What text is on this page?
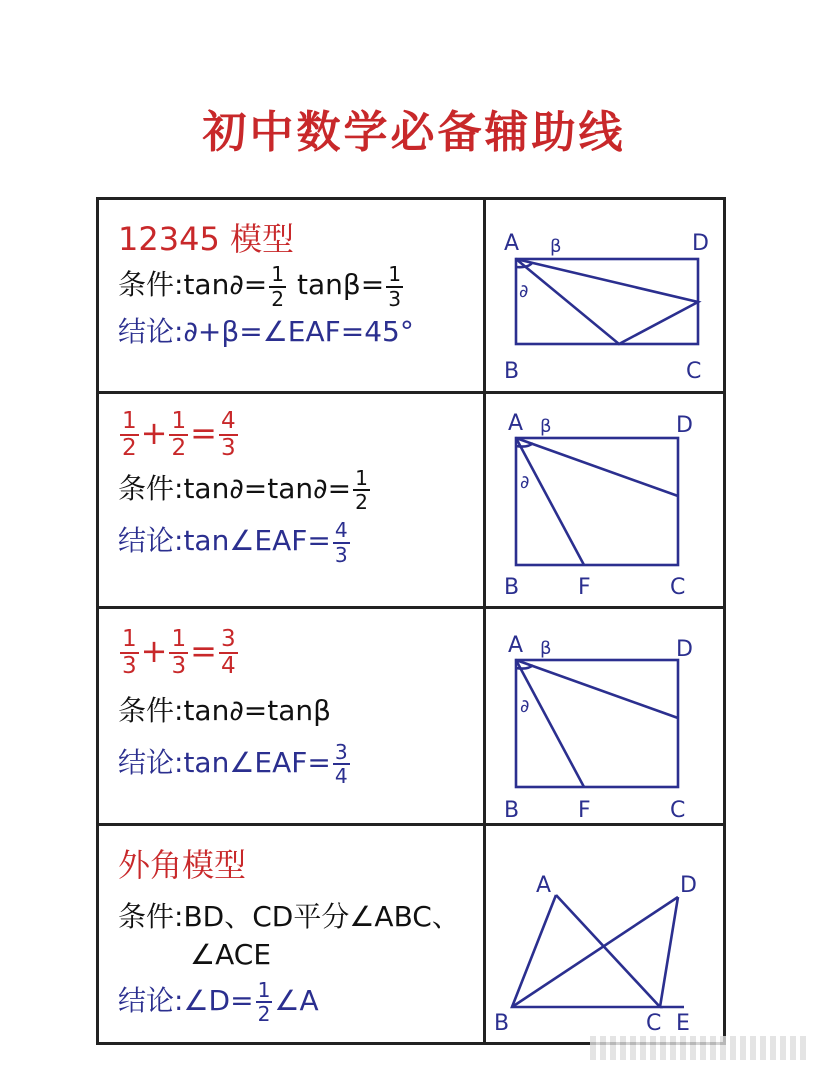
初中数学必备辅助线
12345 模型
条件:tan∂= $\frac{1}{2} \tan\beta= \frac{1}{3}$
结论:∂+β=∠EAF=45°
A β	D
∂
B	C
$\frac{1}{2} + \frac{1}{2} = \frac{4}{3}$
条件:tan∂=tan∂= $\frac{1}{2}$
结论:tan∠EAF= $\frac{4}{3}$
A β	D
∂
B	F	C
$\frac{1}{3} + \frac{1}{3} = \frac{3}{4}$
条件:tan∂=tanβ
结论:tan∠EAF= $\frac{3}{4}$
A β	D
∂
B	F	C
外角模型
条件:BD、CD平分∠ABC、
∠ACE
结论:∠D= $\frac{1}{2}$ ∠A
A	D
B	C E
